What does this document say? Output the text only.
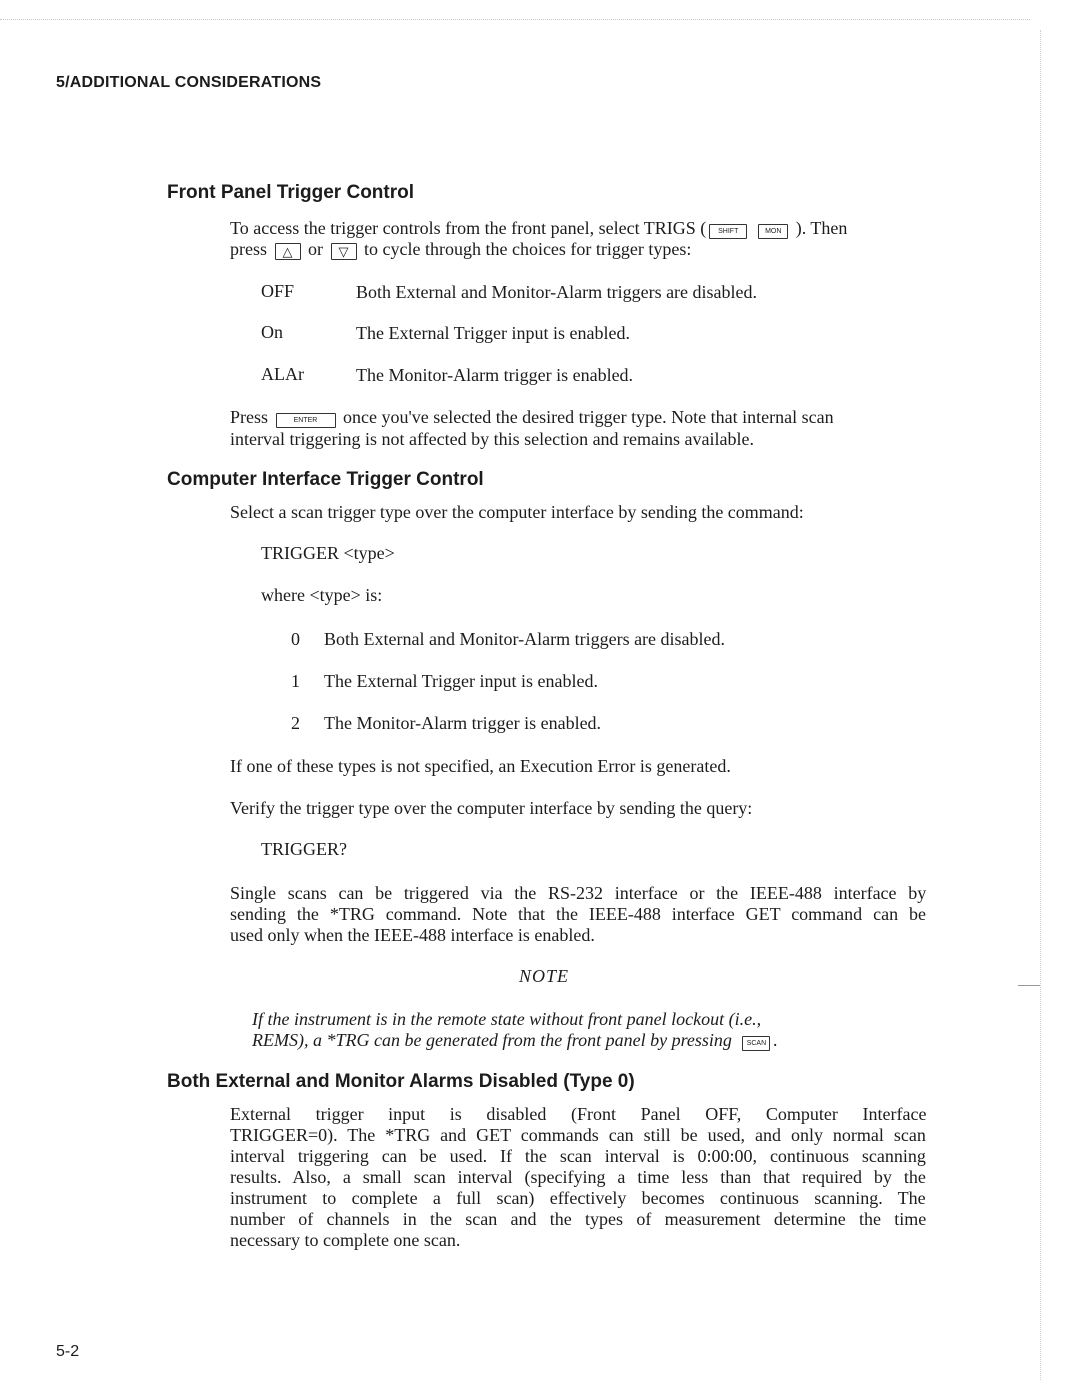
5/ADDITIONAL CONSIDERATIONS
Front Panel Trigger Control
To access the trigger controls from the front panel, select TRIGS ( SHIFT	MON ). Then
press △ or ▽ to cycle through the choices for trigger types:
OFF	Both External and Monitor-Alarm triggers are disabled.
On	The External Trigger input is enabled.
ALAr	The Monitor-Alarm trigger is enabled.
Press	ENTER once you've selected the desired trigger type. Note that internal scan
interval triggering is not affected by this selection and remains available.
Computer Interface Trigger Control
Select a scan trigger type over the computer interface by sending the command:
TRIGGER <type>
where <type> is:
0 Both External and Monitor-Alarm triggers are disabled.
1 The External Trigger input is enabled.
2 The Monitor-Alarm trigger is enabled.
If one of these types is not specified, an Execution Error is generated.
Verify the trigger type over the computer interface by sending the query:
TRIGGER?
Single scans can be triggered via the RS-232 interface or the IEEE-488 interface by
sending the *TRG command. Note that the IEEE-488 interface GET command can be
used only when the IEEE-488 interface is enabled.
NOTE
If the instrument is in the remote state without front panel lockout (i.e.,
REMS), a *TRG can be generated from the front panel by pressing SCAN .
Both External and Monitor Alarms Disabled (Type 0)
External trigger input is disabled (Front Panel OFF, Computer Interface
TRIGGER=0). The *TRG and GET commands can still be used, and only normal scan
interval triggering can be used. If the scan interval is 0:00:00, continuous scanning
results. Also, a small scan interval (specifying a time less than that required by the
instrument to complete a full scan) effectively becomes continuous scanning. The
number of channels in the scan and the types of measurement determine the time
necessary to complete one scan.
5-2
